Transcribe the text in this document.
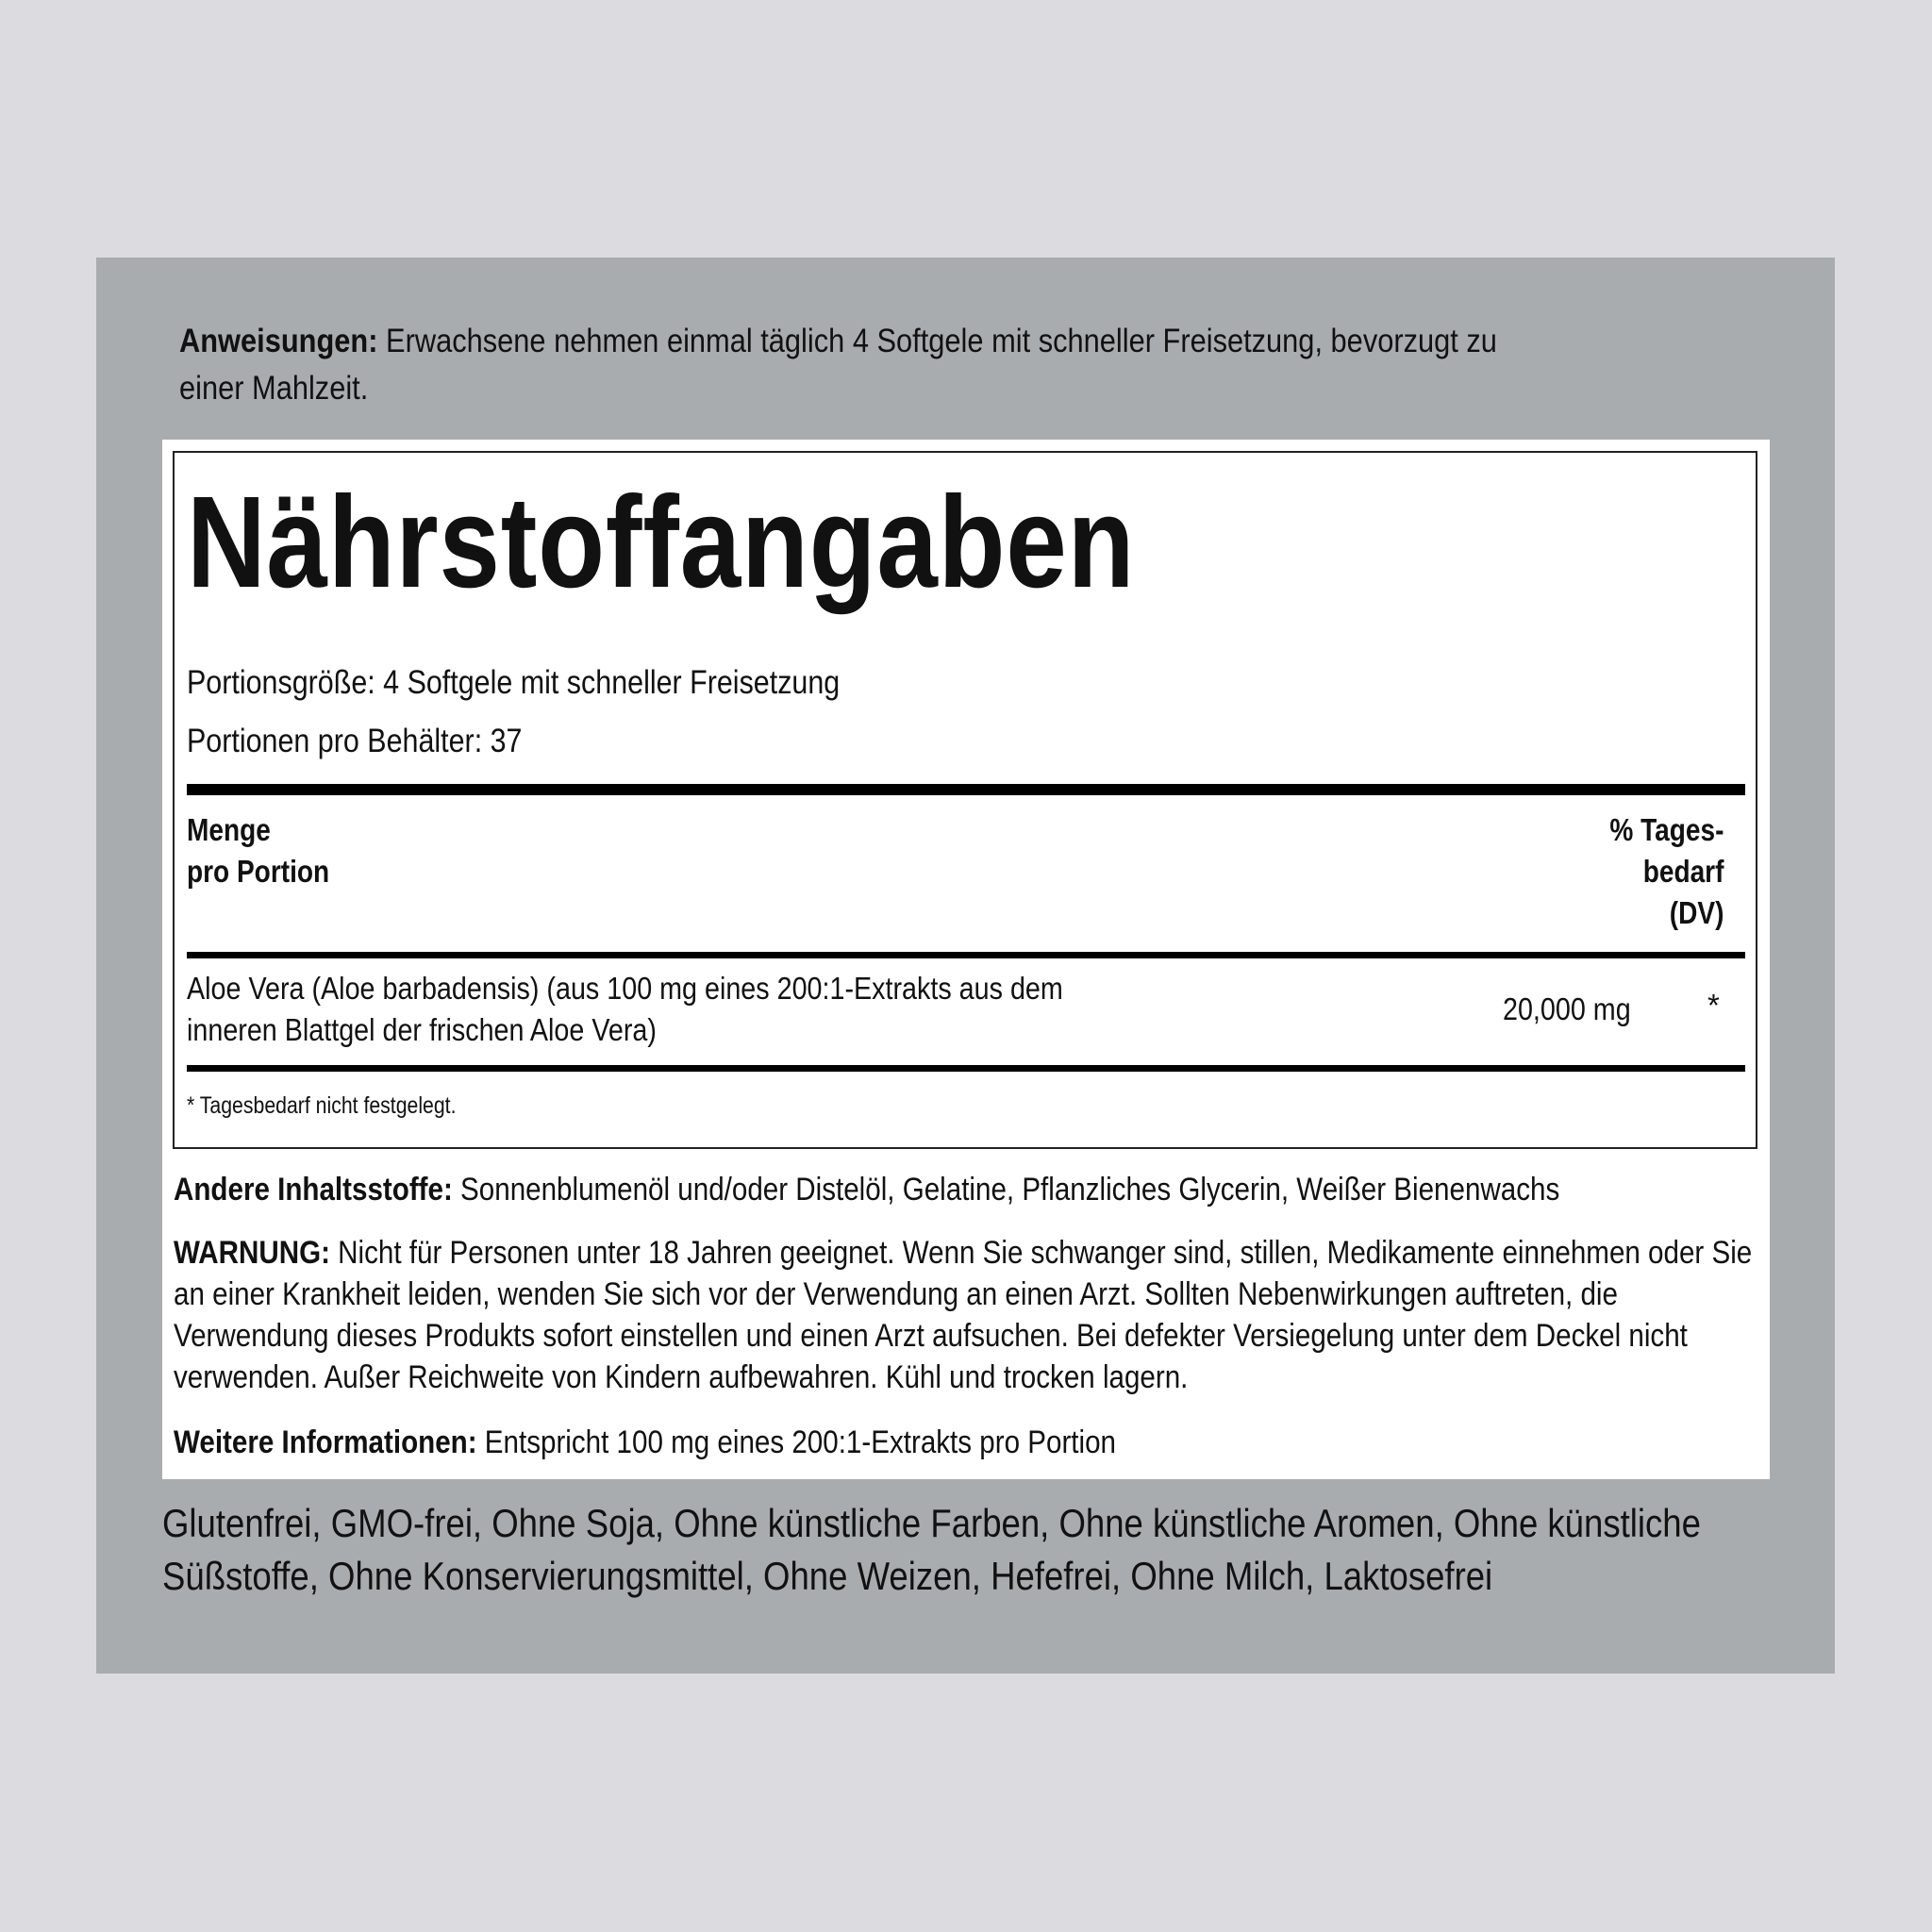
Anweisungen: Erwachsene nehmen einmal täglich 4 Softgele mit schneller Freisetzung, bevorzugt zu einer Mahlzeit.
Nährstoffangaben
Portionsgröße: 4 Softgele mit schneller Freisetzung
Portionen pro Behälter: 37
Menge
pro Portion
% Tages-
bedarf
(DV)
Aloe Vera (Aloe barbadensis) (aus 100 mg eines 200:1-Extrakts aus dem
inneren Blattgel der frischen Aloe Vera)
20,000 mg *
* Tagesbedarf nicht festgelegt.
Andere Inhaltsstoffe: Sonnenblumenöl und/oder Distelöl, Gelatine, Pflanzliches Glycerin, Weißer Bienenwachs
WARNUNG: Nicht für Personen unter 18 Jahren geeignet. Wenn Sie schwanger sind, stillen, Medikamente einnehmen oder Sie an einer Krankheit leiden, wenden Sie sich vor der Verwendung an einen Arzt. Sollten Nebenwirkungen auftreten, die Verwendung dieses Produkts sofort einstellen und einen Arzt aufsuchen. Bei defekter Versiegelung unter dem Deckel nicht verwenden. Außer Reichweite von Kindern aufbewahren. Kühl und trocken lagern.
Weitere Informationen: Entspricht 100 mg eines 200:1-Extrakts pro Portion
Glutenfrei, GMO-frei, Ohne Soja, Ohne künstliche Farben, Ohne künstliche Aromen, Ohne künstliche Süßstoffe, Ohne Konservierungsmittel, Ohne Weizen, Hefefrei, Ohne Milch, Laktosefrei
